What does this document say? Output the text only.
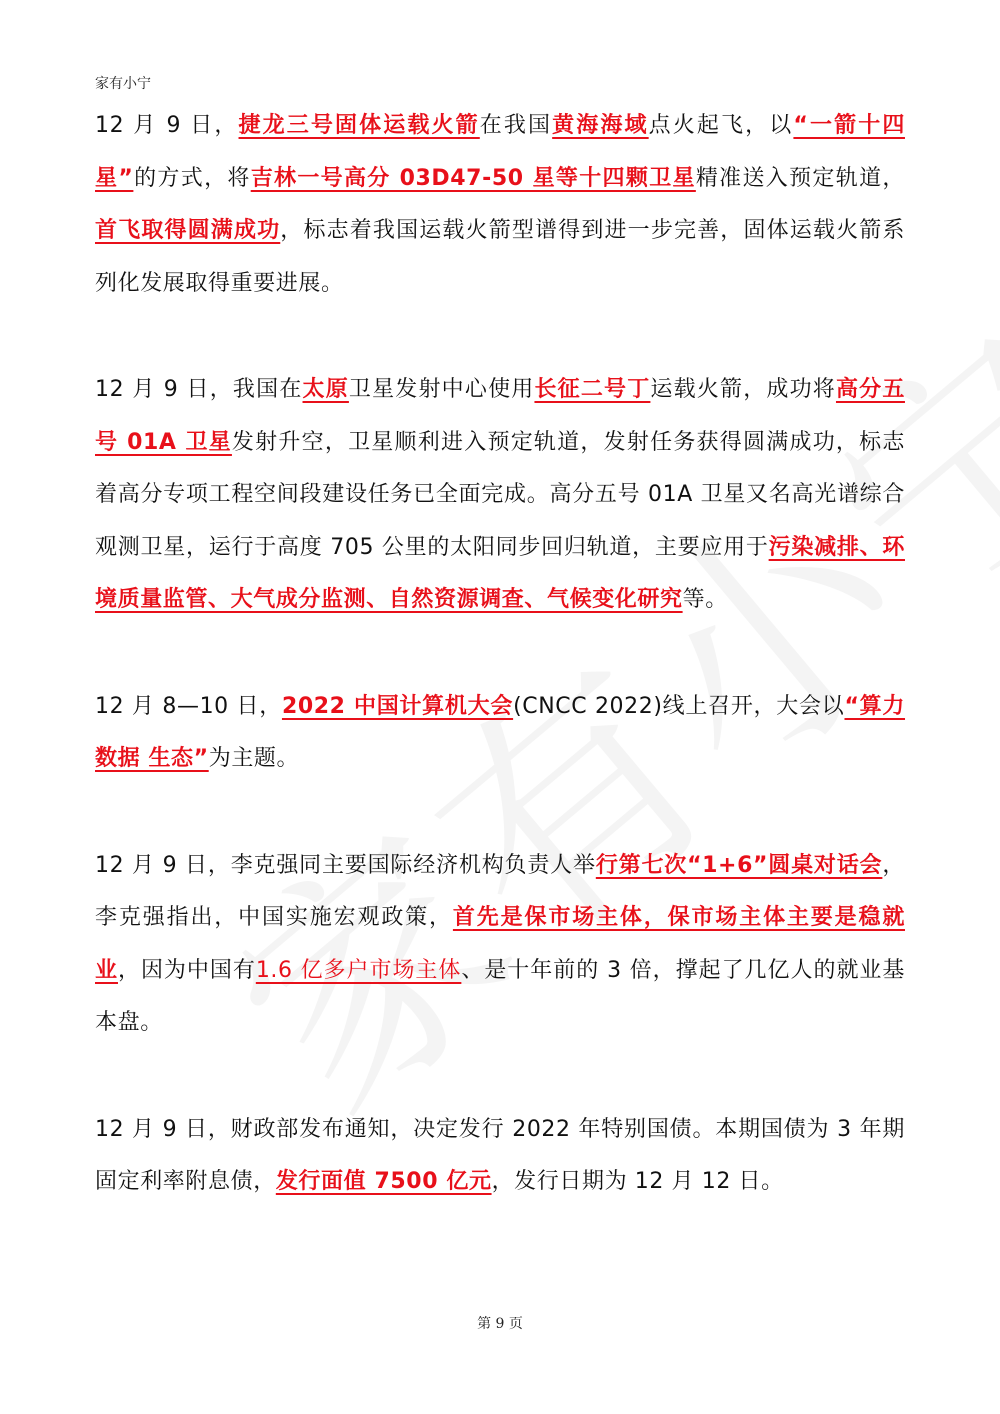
家有小宁

12 月 9 日，捷龙三号固体运载火箭在我国黄海海域点火起飞，以“一箭十四星”的方式，将吉林一号高分 03D47-50 星等十四颗卫星精准送入预定轨道，首飞取得圆满成功，标志着我国运载火箭型谱得到进一步完善，固体运载火箭系列化发展取得重要进展。

12 月 9 日，我国在太原卫星发射中心使用长征二号丁运载火箭，成功将高分五号 01A 卫星发射升空，卫星顺利进入预定轨道，发射任务获得圆满成功，标志着高分专项工程空间段建设任务已全面完成。高分五号 01A 卫星又名高光谱综合观测卫星，运行于高度 705 公里的太阳同步回归轨道，主要应用于污染减排、环境质量监管、大气成分监测、自然资源调查、气候变化研究等。

12 月 8—10 日，2022 中国计算机大会(CNCC 2022)线上召开，大会以“算力 数据 生态”为主题。

12 月 9 日，李克强同主要国际经济机构负责人举行第七次“1+6”圆桌对话会，李克强指出，中国实施宏观政策，首先是保市场主体，保市场主体主要是稳就业，因为中国有1.6 亿多户市场主体、是十年前的 3 倍，撑起了几亿人的就业基本盘。

12 月 9 日，财政部发布通知，决定发行 2022 年特别国债。本期国债为 3 年期固定利率附息债，发行面值 7500 亿元，发行日期为 12 月 12 日。

第 9 页
